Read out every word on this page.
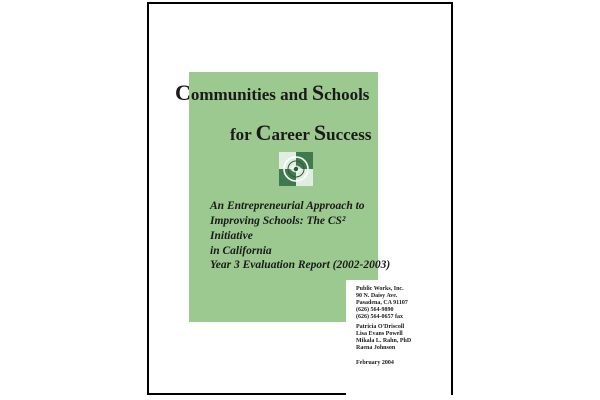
Communities and Schools
for Career Success
An Entrepreneurial Approach to
Improving Schools: The CS² Initiative
in California
Year 3 Evaluation Report (2002-2003)
Public Works, Inc.
90 N. Daisy Ave.
Pasadena, CA 91107
(626) 564-9890
(626) 564-0657 fax
Patricia O'Driscoll
Lisa Evans Powell
Mikala L. Rahn, PhD
Raena Johnson
February 2004
